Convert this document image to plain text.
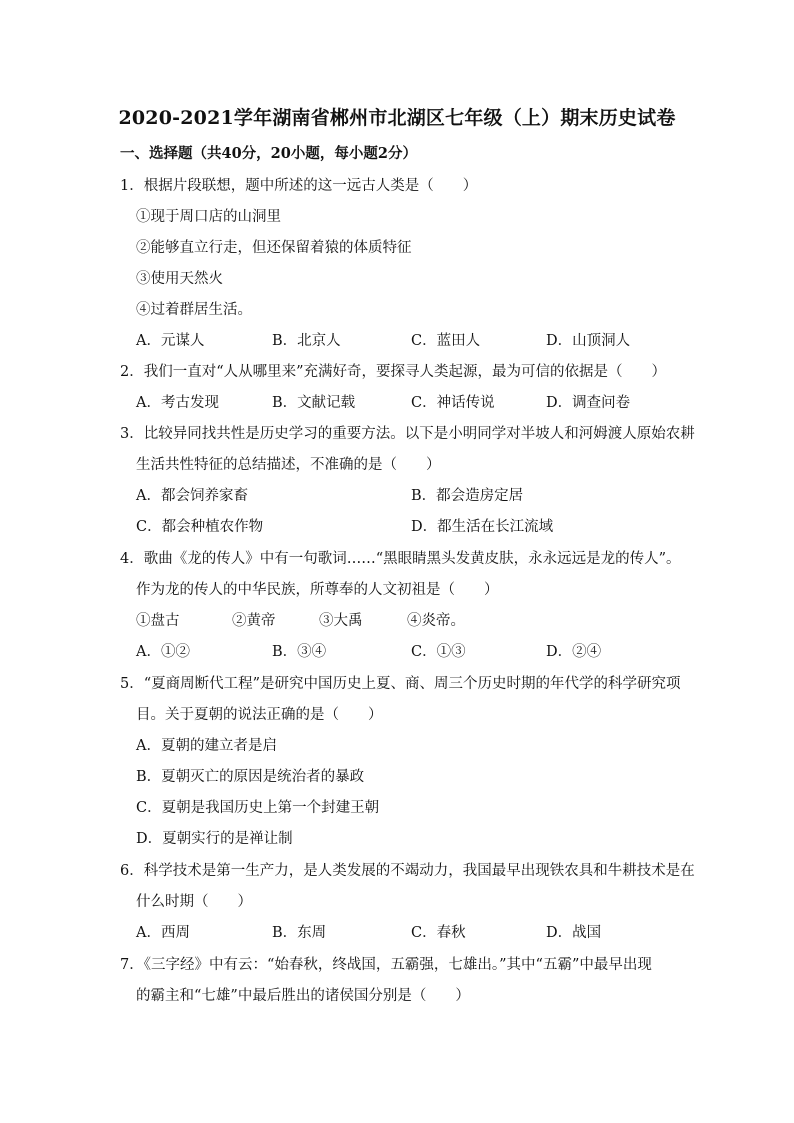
2020-2021学年湖南省郴州市北湖区七年级（上）期末历史试卷
一、选择题（共40分，20小题，每小题2分）
1．根据片段联想，题中所述的这一远古人类是（　　）
①现于周口店的山洞里
②能够直立行走，但还保留着猿的体质特征
③使用天然火
④过着群居生活。
A．元谋人	B．北京人	C．蓝田人	D．山顶洞人
2．我们一直对“人从哪里来”充满好奇，要探寻人类起源，最为可信的依据是（　　）
A．考古发现	B．文献记载	C．神话传说	D．调查问卷
3．比较异同找共性是历史学习的重要方法。以下是小明同学对半坡人和河姆渡人原始农耕
生活共性特征的总结描述，不准确的是（　　）
A．都会饲养家畜	B．都会造房定居
C．都会种植农作物	D．都生活在长江流域
4．歌曲《龙的传人》中有一句歌词……“黑眼睛黑头发黄皮肤，永永远远是龙的传人”。
作为龙的传人的中华民族，所尊奉的人文初祖是（　　）
①盘古	②黄帝	③大禹	④炎帝。
A．①②	B．③④	C．①③	D．②④
5．“夏商周断代工程”是研究中国历史上夏、商、周三个历史时期的年代学的科学研究项
目。关于夏朝的说法正确的是（　　）
A．夏朝的建立者是启
B．夏朝灭亡的原因是统治者的暴政
C．夏朝是我国历史上第一个封建王朝
D．夏朝实行的是禅让制
6．科学技术是第一生产力，是人类发展的不竭动力，我国最早出现铁农具和牛耕技术是在
什么时期（　　）
A．西周	B．东周	C．春秋	D．战国
7．《三字经》中有云：“始春秋，终战国，五霸强，七雄出。”其中“五霸”中最早出现
的霸主和“七雄”中最后胜出的诸侯国分别是（　　）
